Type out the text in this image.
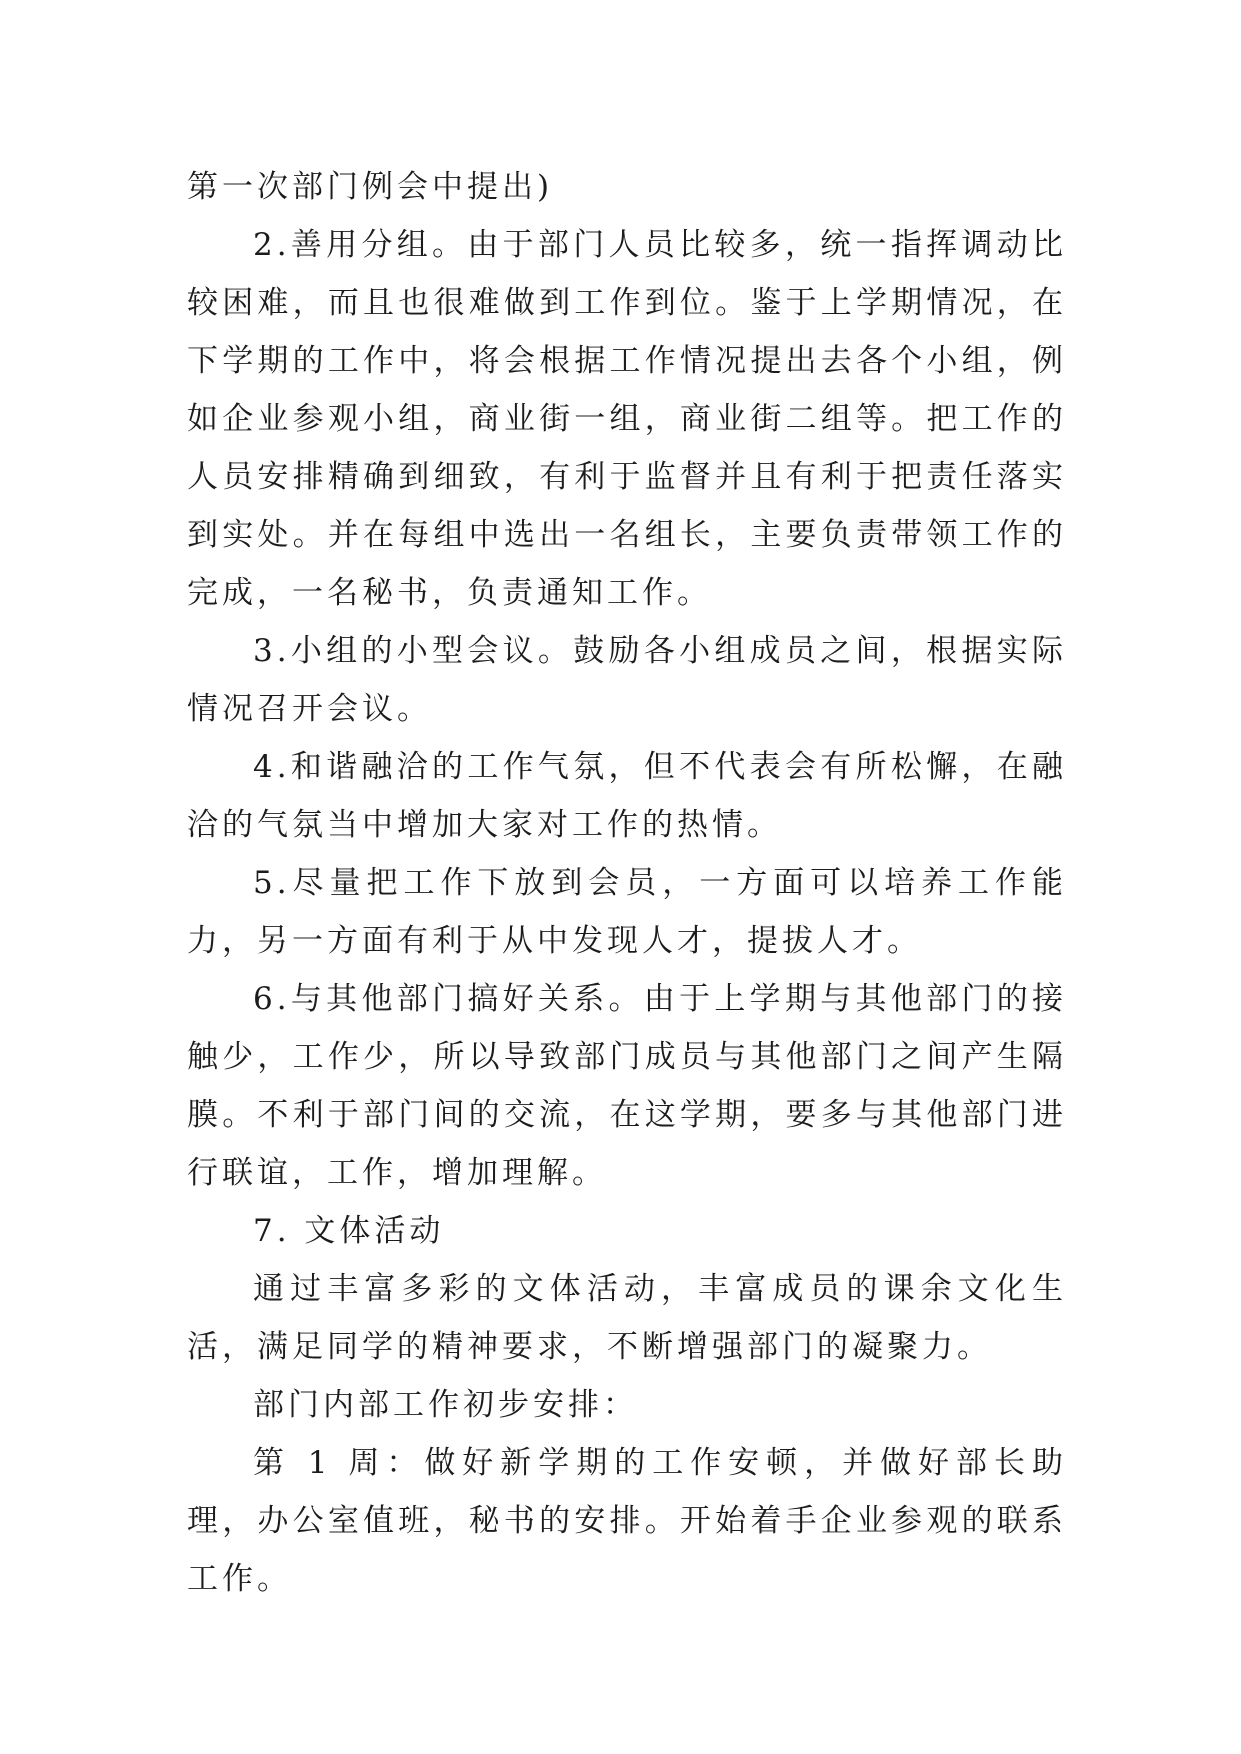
第一次部门例会中提出)

2.善用分组。由于部门人员比较多，统一指挥调动比较困难，而且也很难做到工作到位。鉴于上学期情况，在下学期的工作中，将会根据工作情况提出去各个小组，例如企业参观小组，商业街一组，商业街二组等。把工作的人员安排精确到细致，有利于监督并且有利于把责任落实到实处。并在每组中选出一名组长，主要负责带领工作的完成，一名秘书，负责通知工作。

3.小组的小型会议。鼓励各小组成员之间，根据实际情况召开会议。

4.和谐融洽的工作气氛，但不代表会有所松懈，在融洽的气氛当中增加大家对工作的热情。

5.尽量把工作下放到会员，一方面可以培养工作能力，另一方面有利于从中发现人才，提拔人才。

6.与其他部门搞好关系。由于上学期与其他部门的接触少，工作少，所以导致部门成员与其他部门之间产生隔膜。不利于部门间的交流，在这学期，要多与其他部门进行联谊，工作，增加理解。

7. 文体活动

通过丰富多彩的文体活动，丰富成员的课余文化生活，满足同学的精神要求，不断增强部门的凝聚力。

部门内部工作初步安排：

第 1 周：做好新学期的工作安顿，并做好部长助理，办公室值班，秘书的安排。开始着手企业参观的联系工作。
